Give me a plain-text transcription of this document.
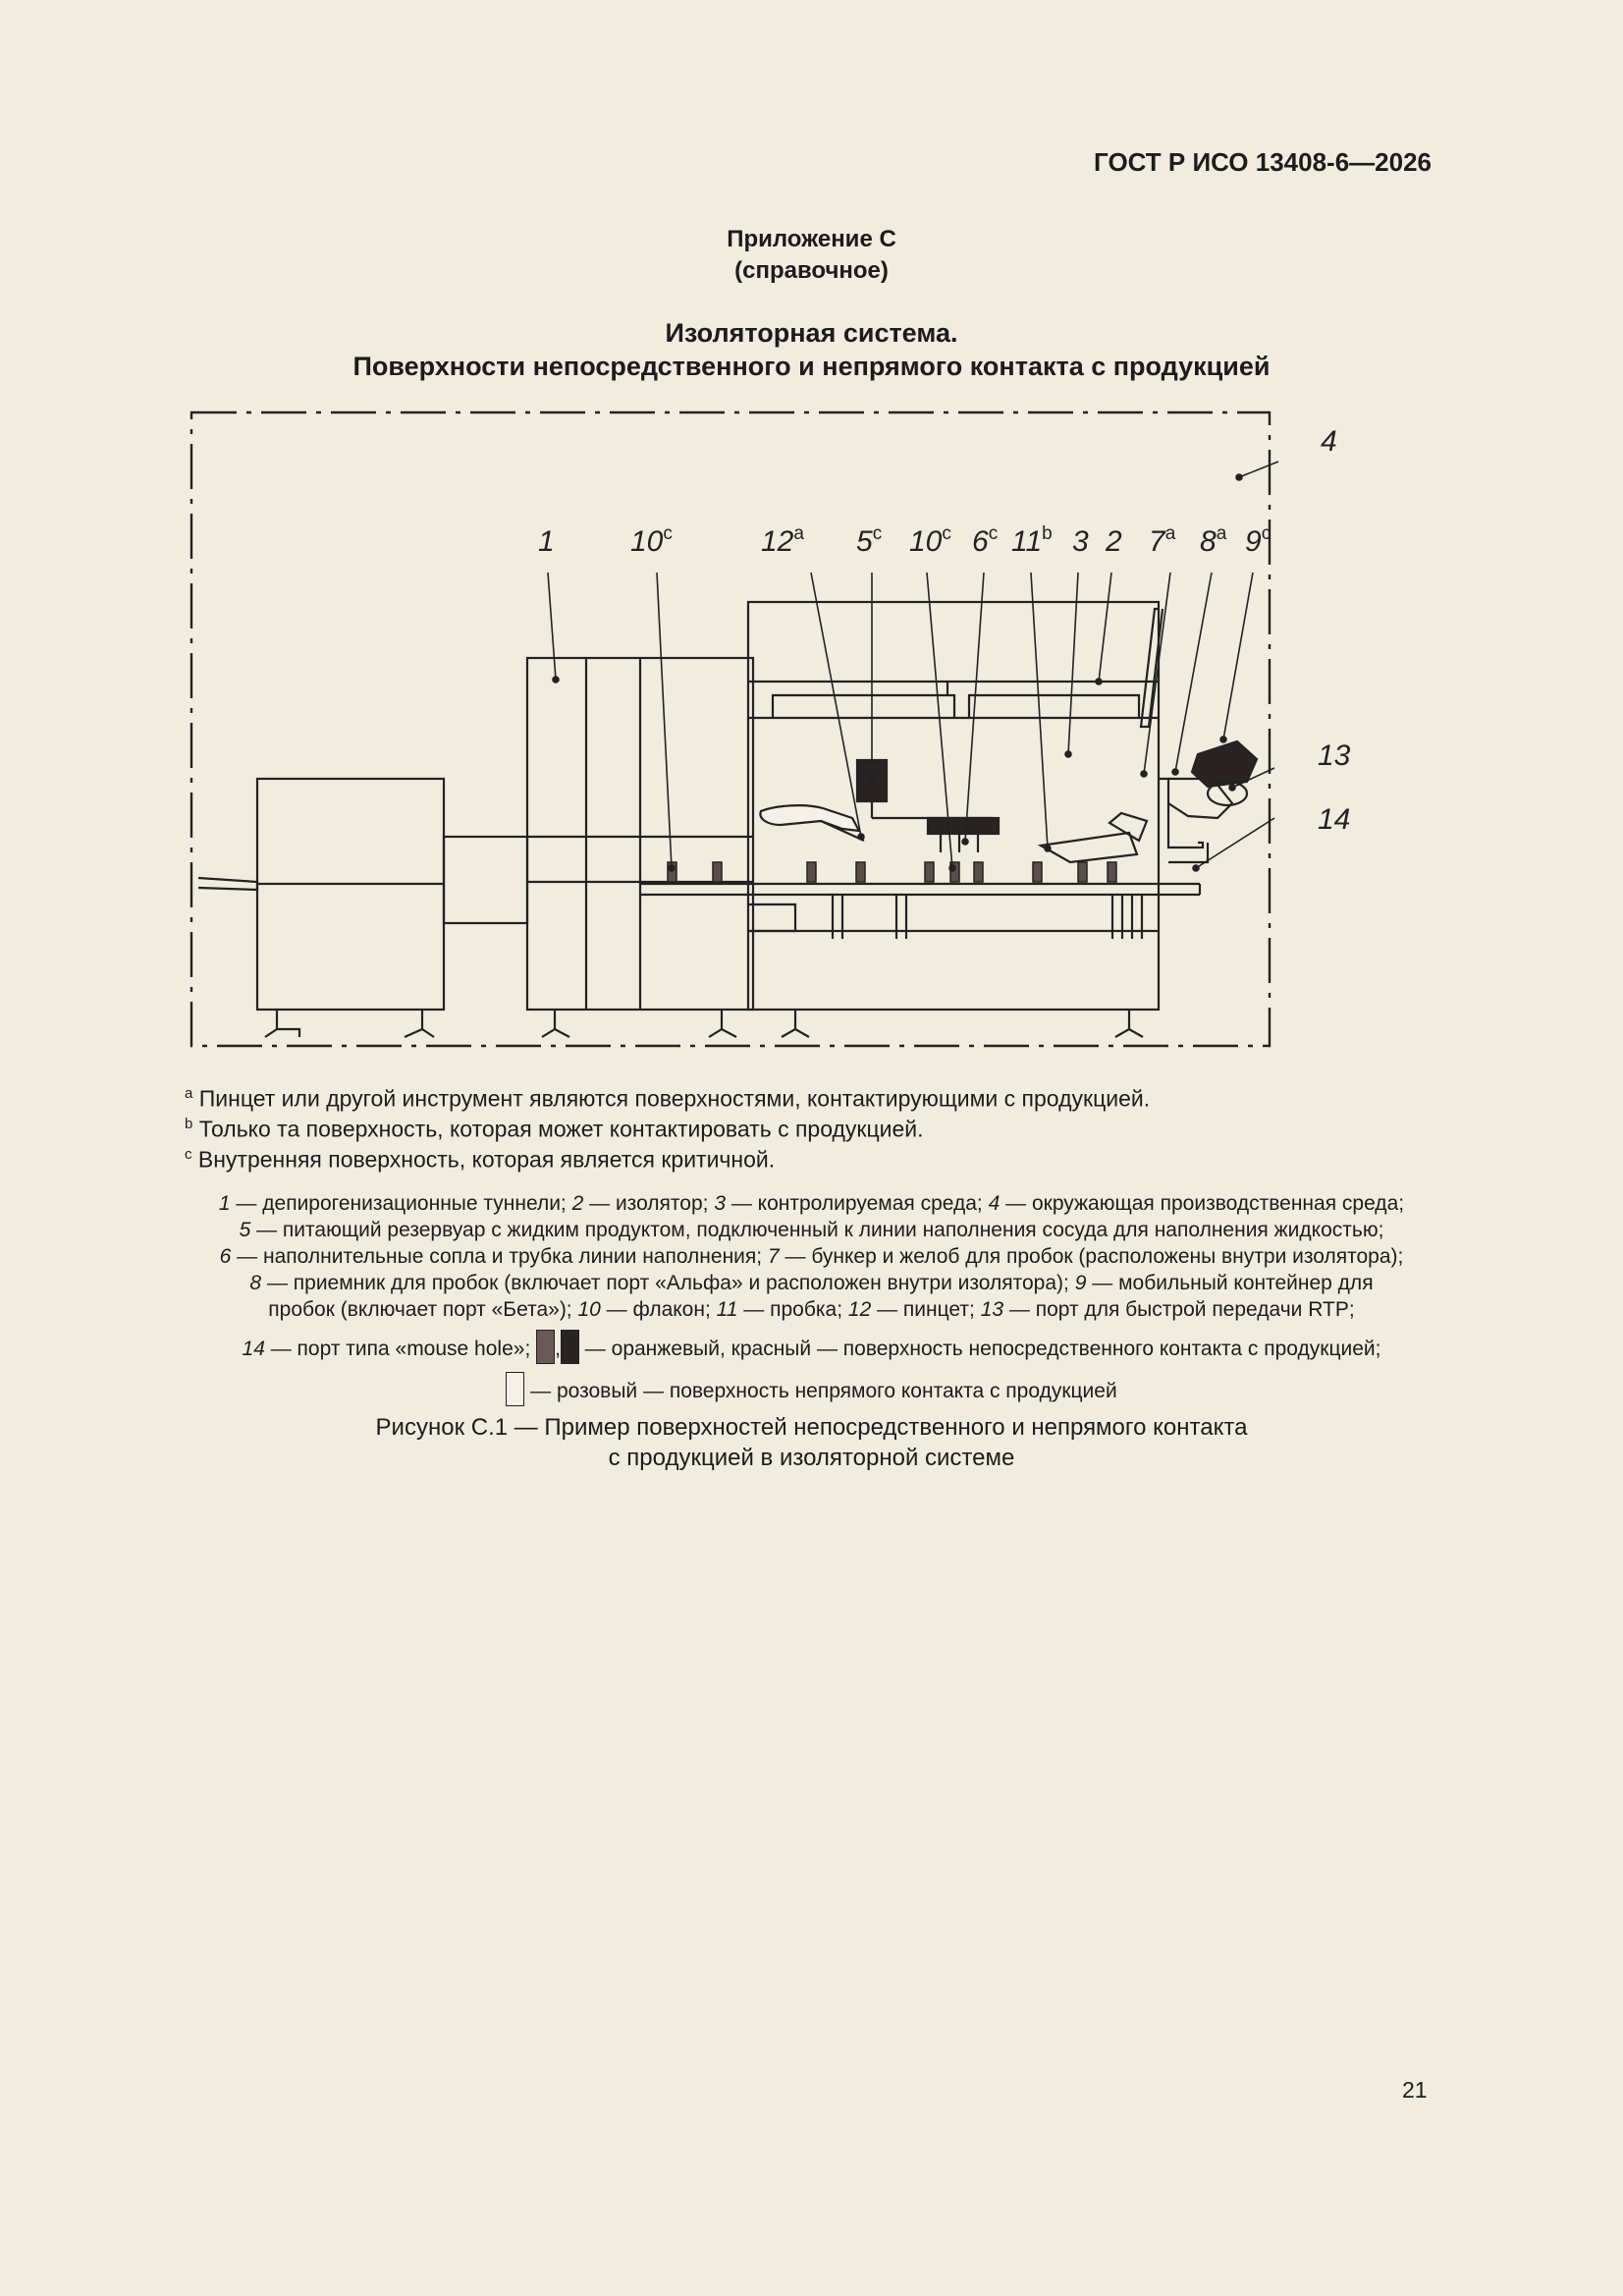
ГОСТ Р ИСО 13408-6—2026
Приложение С
(справочное)
Изоляторная система.
Поверхности непосредственного и непрямого контакта с продукцией
1	10$^c$	12$^a$ 5$^c$ 10$^c$ 6$^c$ 11$^b$ 3 2 7$^a$ 8$^a$ 9$^c$
4
13
14
$^a$ Пинцет или другой инструмент являются поверхностями, контактирующими с продукцией.
$^b$ Только та поверхность, которая может контактировать с продукцией.
$^c$ Внутренняя поверхность, которая является критичной.
1 — депирогенизационные туннели; 2 — изолятор; 3 — контролируемая среда; 4 — окружающая производственная среда;
5 — питающий резервуар с жидким продуктом, подключенный к линии наполнения сосуда для наполнения жидкостью;
6 — наполнительные сопла и трубка линии наполнения; 7 — бункер и желоб для пробок (расположены внутри изолятора);
8 — приемник для пробок (включает порт «Альфа» и расположен внутри изолятора); 9 — мобильный контейнер для
пробок (включает порт «Бета»); 10 — флакон; 11 — пробка; 12 — пинцет; 13 — порт для быстрой передачи RTP;
14 — порт типа «mouse hole»; , — оранжевый, красный — поверхность непосредственного контакта с продукцией;
— розовый — поверхность непрямого контакта с продукцией
Рисунок С.1 — Пример поверхностей непосредственного и непрямого контакта
с продукцией в изоляторной системе
21
